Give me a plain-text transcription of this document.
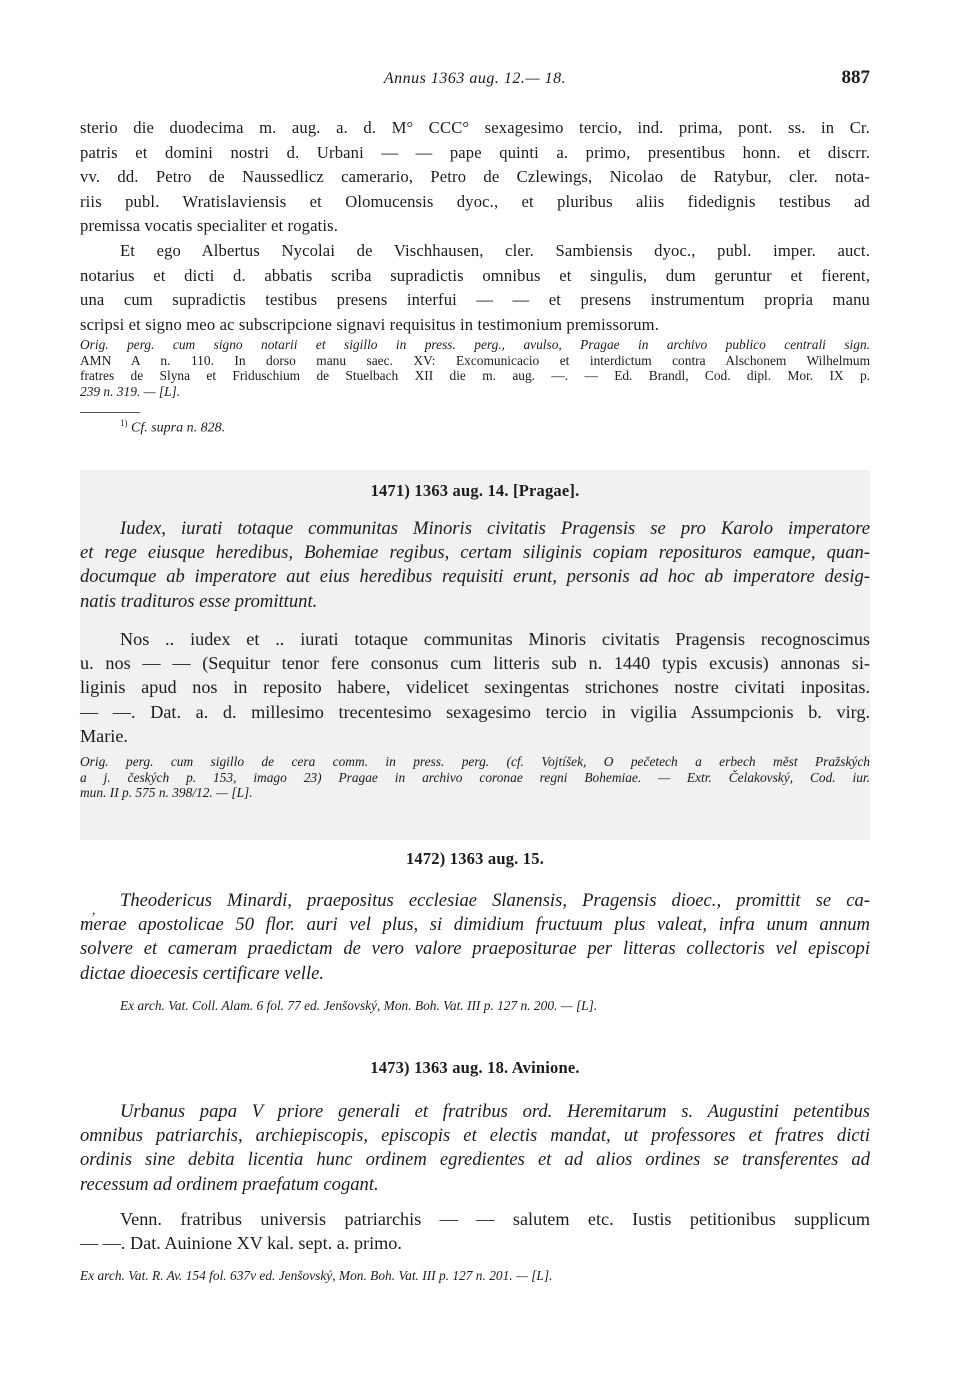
Annus 1363 aug. 12.— 18.	887
sterio die duodecima m. aug. a. d. M° CCC° sexagesimo tercio, ind. prima, pont. ss. in Cr.
patris et domini nostri d. Urbani — — pape quinti a. primo, presentibus honn. et discrr.
vv. dd. Petro de Naussedlicz camerario, Petro de Czlewings, Nicolao de Ratybur, cler. nota-
riis publ. Wratislaviensis et Olomucensis dyoc., et pluribus aliis fidedignis testibus ad
premissa vocatis specialiter et rogatis.
Et ego Albertus Nycolai de Vischhausen, cler. Sambiensis dyoc., publ. imper. auct.
notarius et dicti d. abbatis scriba supradictis omnibus et singulis, dum geruntur et fierent,
una cum supradictis testibus presens interfui — — et presens instrumentum propria manu
scripsi et signo meo ac subscripcione signavi requisitus in testimonium premissorum.
Orig. perg. cum signo notarii et sigillo in press. perg., avulso, Pragae in archivo publico centrali sign.
AMN A n. 110. In dorso manu saec. XV: Excomunicacio et interdictum contra Alschonem Wilhelmum
fratres de Slyna et Friduschium de Stuelbach XII die m. aug. —. — Ed. Brandl, Cod. dipl. Mor. IX p.
239 n. 319. — [L].
$^{1)}$ Cf. supra n. 828.
1471) 1363 aug. 14. [Pragae].
Iudex, iurati totaque communitas Minoris civitatis Pragensis se pro Karolo imperatore
et rege eiusque heredibus, Bohemiae regibus, certam siliginis copiam reposituros eamque, quan-
documque ab imperatore aut eius heredibus requisiti erunt, personis ad hoc ab imperatore desig-
natis tradituros esse promittunt.
Nos .. iudex et .. iurati totaque communitas Minoris civitatis Pragensis recognoscimus
u. nos — — (Sequitur tenor fere consonus cum litteris sub n. 1440 typis excusis) annonas si-
liginis apud nos in reposito habere, videlicet sexingentas strichones nostre civitati inpositas.
— —. Dat. a. d. millesimo trecentesimo sexagesimo tercio in vigilia Assumpcionis b. virg.
Marie.
Orig. perg. cum sigillo de cera comm. in press. perg. (cf. Vojtíšek, O pečetech a erbech měst Pražských
a j. českých p. 153, imago 23) Pragae in archivo coronae regni Bohemiae. — Extr. Čelakovský, Cod. iur.
mun. II p. 575 n. 398/12. — [L].
1472) 1363 aug. 15.
,	Theodericus Minardi, praepositus ecclesiae Slanensis, Pragensis dioec., promittit se ca-
merae apostolicae 50 flor. auri vel plus, si dimidium fructuum plus valeat, infra unum annum
solvere et cameram praedictam de vero valore praepositurae per litteras collectoris vel episcopi
dictae dioecesis certificare velle.
Ex arch. Vat. Coll. Alam. 6 fol. 77 ed. Jenšovský, Mon. Boh. Vat. III p. 127 n. 200. — [L].
1473) 1363 aug. 18. Avinione.
Urbanus papa V priore generali et fratribus ord. Heremitarum s. Augustini petentibus
omnibus patriarchis, archiepiscopis, episcopis et electis mandat, ut professores et fratres dicti
ordinis sine debita licentia hunc ordinem egredientes et ad alios ordines se transferentes ad
recessum ad ordinem praefatum cogant.
Venn. fratribus universis patriarchis — — salutem etc. Iustis petitionibus supplicum
— —. Dat. Auinione XV kal. sept. a. primo.
Ex arch. Vat. R. Av. 154 fol. 637v ed. Jenšovský, Mon. Boh. Vat. III p. 127 n. 201. — [L].
